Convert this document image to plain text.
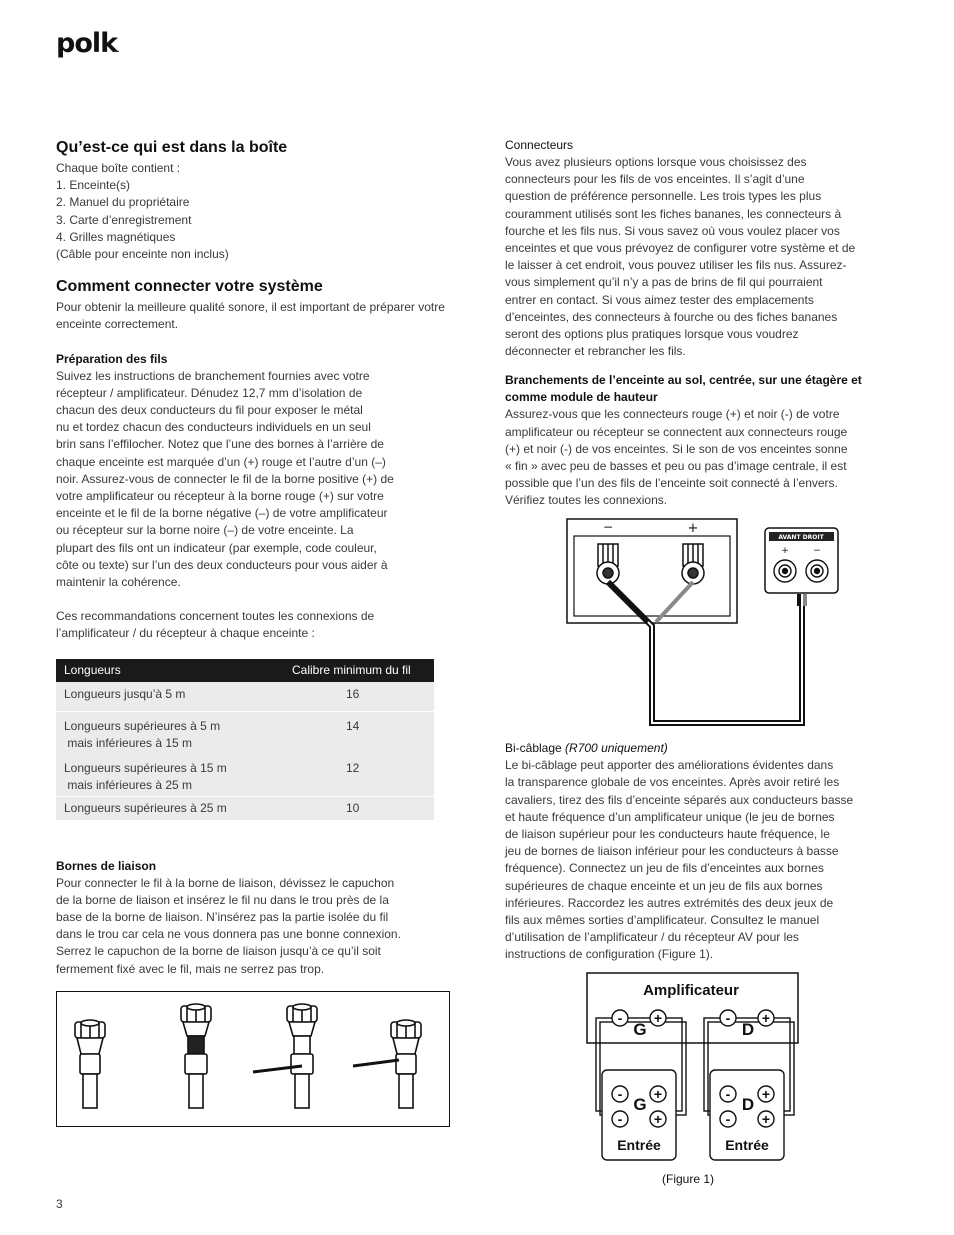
polk.
Qu’est-ce qui est dans la boîte

Chaque boîte contient :

1. Enceinte(s)
2. Manuel du propriétaire
3. Carte d’enregistrement
4. Grilles magnétiques

(Câble pour enceinte non inclus)

Comment connecter votre système

Pour obtenir la meilleure qualité sonore, il est important de préparer votre enceinte correctement.

Préparation des fils

Suivez les instructions de branchement fournies avec votre

récepteur / amplificateur. Dénudez 12,7 mm d’isolation de

chacun des deux conducteurs du fil pour exposer le métal

nu et tordez chacun des conducteurs individuels en un seul

brin sans l’effilocher. Notez que l’une des bornes à l’arrière de

chaque enceinte est marquée d’un (+) rouge et l’autre d’un (–)

noir. Assurez-vous de connecter le fil de la borne positive (+) de

votre amplificateur ou récepteur à la borne rouge (+) sur votre

enceinte et le fil de la borne négative (–) de votre amplificateur

ou récepteur sur la borne noire (–) de votre enceinte. La

plupart des fils ont un indicateur (par exemple, code couleur,

côte ou texte) sur l’un des deux conducteurs pour vous aider à

maintenir la cohérence.

Ces recommandations concernent toutes les connexions de

l’amplificateur / du récepteur à chaque enceinte :

Longueurs	Calibre minimum du fil
Longueurs jusqu’à 5 m	16

Longueurs supérieures à 5 m
mais inférieures à 15 m	14

Longueurs supérieures à 15 m
mais inférieures à 25 m	12
Longueurs supérieures à 25 m	10
Bornes de liaison

Pour connecter le fil à la borne de liaison, dévissez le capuchon

de la borne de liaison et insérez le fil nu dans le trou près de la

base de la borne de liaison. N’insérez pas la partie isolée du fil

dans le trou car cela ne vous donnera pas une bonne connexion.

Serrez le capuchon de la borne de liaison jusqu’à ce qu’il soit

fermement fixé avec le fil, mais ne serrez pas trop.

Connecteurs

Vous avez plusieurs options lorsque vous choisissez des

connecteurs pour les fils de vos enceintes. Il s’agit d’une

question de préférence personnelle. Les trois types les plus

couramment utilisés sont les fiches bananes, les connecteurs à

fourche et les fils nus. Si vous savez où vous voulez placer vos

enceintes et que vous prévoyez de configurer votre système et de

le laisser à cet endroit, vous pouvez utiliser les fils nus. Assurez-

vous simplement qu’il n’y a pas de brins de fil qui pourraient

entrer en contact. Si vous aimez tester des emplacements

d’enceintes, des connecteurs à fourche ou des fiches bananes

seront des options plus pratiques lorsque vous voudrez

déconnecter et rebrancher les fils.

Branchements de l’enceinte au sol, centrée, sur une étagère et
comme module de hauteur

Assurez-vous que les connecteurs rouge (+) et noir (-) de votre

amplificateur ou récepteur se connectent aux connecteurs rouge

(+) et noir (-) de vos enceintes. Si le son de vos enceintes sonne

« fin » avec peu de basses et peu ou pas d’image centrale, il est

possible que l’un des fils de l’enceinte soit connecté à l’envers.

Vérifiez toutes les connexions.

−	+
AVANT DROIT
+	−

Bi-câblage (R700 uniquement)

Le bi-câblage peut apporter des améliorations évidentes dans

la transparence globale de vos enceintes. Après avoir retiré les

cavaliers, tirez des fils d’enceinte séparés aux conducteurs basse

et haute fréquence d’un amplificateur unique (le jeu de bornes

de liaison supérieur pour les conducteurs haute fréquence, le

jeu de bornes de liaison inférieur pour les conducteurs à basse

fréquence). Connectez un jeu de fils d’enceintes aux bornes

supérieures de chaque enceinte et un jeu de fils aux bornes

inférieures. Raccordez les autres extrémités des deux jeux de

fils aux mêmes sorties d’amplificateur. Consultez le manuel

d’utilisation de l’amplificateur / du récepteur AV pour les

instructions de configuration (Figure 1).

Amplificateur
- +	- +
- +
- +
- +
- +
G	D
G	D
Entrée	Entrée
(Figure 1)
3
